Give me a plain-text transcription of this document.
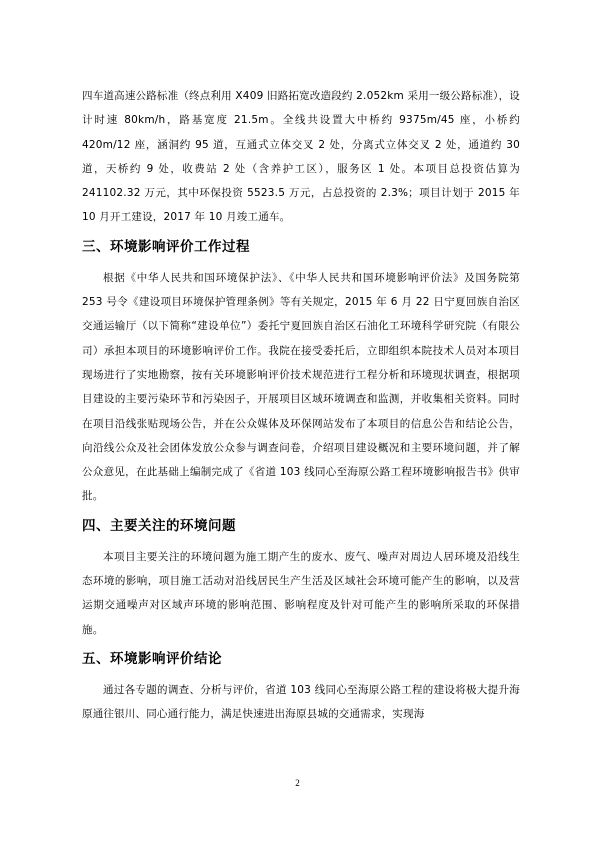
四车道高速公路标准（终点利用 X409 旧路拓宽改造段约 2.052km 采用一级公路标准），设计时速 80km/h，路基宽度 21.5m。全线共设置大中桥约 9375m/45 座，小桥约 420m/12 座，涵洞约 95 道，互通式立体交叉 2 处，分离式立体交叉 2 处，通道约 30 道，天桥约 9 处，收费站 2 处（含养护工区），服务区 1 处。本项目总投资估算为 241102.32 万元，其中环保投资 5523.5 万元，占总投资的 2.3%；项目计划于 2015 年 10 月开工建设，2017 年 10 月竣工通车。

三、环境影响评价工作过程

根据《中华人民共和国环境保护法》、《中华人民共和国环境影响评价法》及国务院第 253 号令《建设项目环境保护管理条例》等有关规定，2015 年 6 月 22 日宁夏回族自治区交通运输厅（以下简称“建设单位”）委托宁夏回族自治区石油化工环境科学研究院（有限公司）承担本项目的环境影响评价工作。我院在接受委托后，立即组织本院技术人员对本项目现场进行了实地勘察，按有关环境影响评价技术规范进行工程分析和环境现状调查，根据项目建设的主要污染环节和污染因子，开展项目区域环境调查和监测，并收集相关资料。同时在项目沿线张贴现场公告，并在公众媒体及环保网站发布了本项目的信息公告和结论公告，向沿线公众及社会团体发放公众参与调查问卷，介绍项目建设概况和主要环境问题，并了解公众意见，在此基础上编制完成了《省道 103 线同心至海原公路工程环境影响报告书》供审批。

四、主要关注的环境问题

本项目主要关注的环境问题为施工期产生的废水、废气、噪声对周边人居环境及沿线生态环境的影响，项目施工活动对沿线居民生产生活及区域社会环境可能产生的影响，以及营运期交通噪声对区域声环境的影响范围、影响程度及针对可能产生的影响所采取的环保措施。

五、环境影响评价结论

通过各专题的调查、分析与评价，省道 103 线同心至海原公路工程的建设将极大提升海原通往银川、同心通行能力，满足快速进出海原县城的交通需求，实现海

2
